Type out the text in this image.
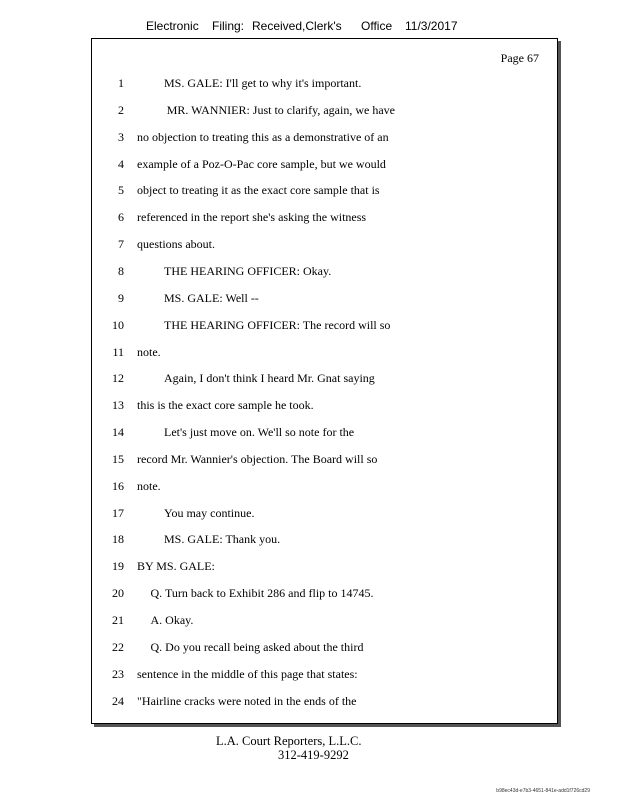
Electronic Filing: Received,Clerk's Office 11/3/2017
Page 67
1	MS. GALE: I'll get to why it's important.
2	MR. WANNIER: Just to clarify, again, we have
3 no objection to treating this as a demonstrative of an
4 example of a Poz-O-Pac core sample, but we would
5 object to treating it as the exact core sample that is
6 referenced in the report she's asking the witness
7 questions about.
8	THE HEARING OFFICER: Okay.
9	MS. GALE: Well --
10	THE HEARING OFFICER: The record will so
11 note.
12	Again, I don't think I heard Mr. Gnat saying
13 this is the exact core sample he took.
14	Let's just move on. We'll so note for the
15 record Mr. Wannier's objection. The Board will so
16 note.
17	You may continue.
18	MS. GALE: Thank you.
19 BY MS. GALE:
20 Q. Turn back to Exhibit 286 and flip to 14745.
21 A. Okay.
22 Q. Do you recall being asked about the third
23 sentence in the middle of this page that states:
24 "Hairline cracks were noted in the ends of the
L.A. Court Reporters, L.L.C.
312-419-9292
b98ec43d-e7b3-4651-841e-add1f726cd29
